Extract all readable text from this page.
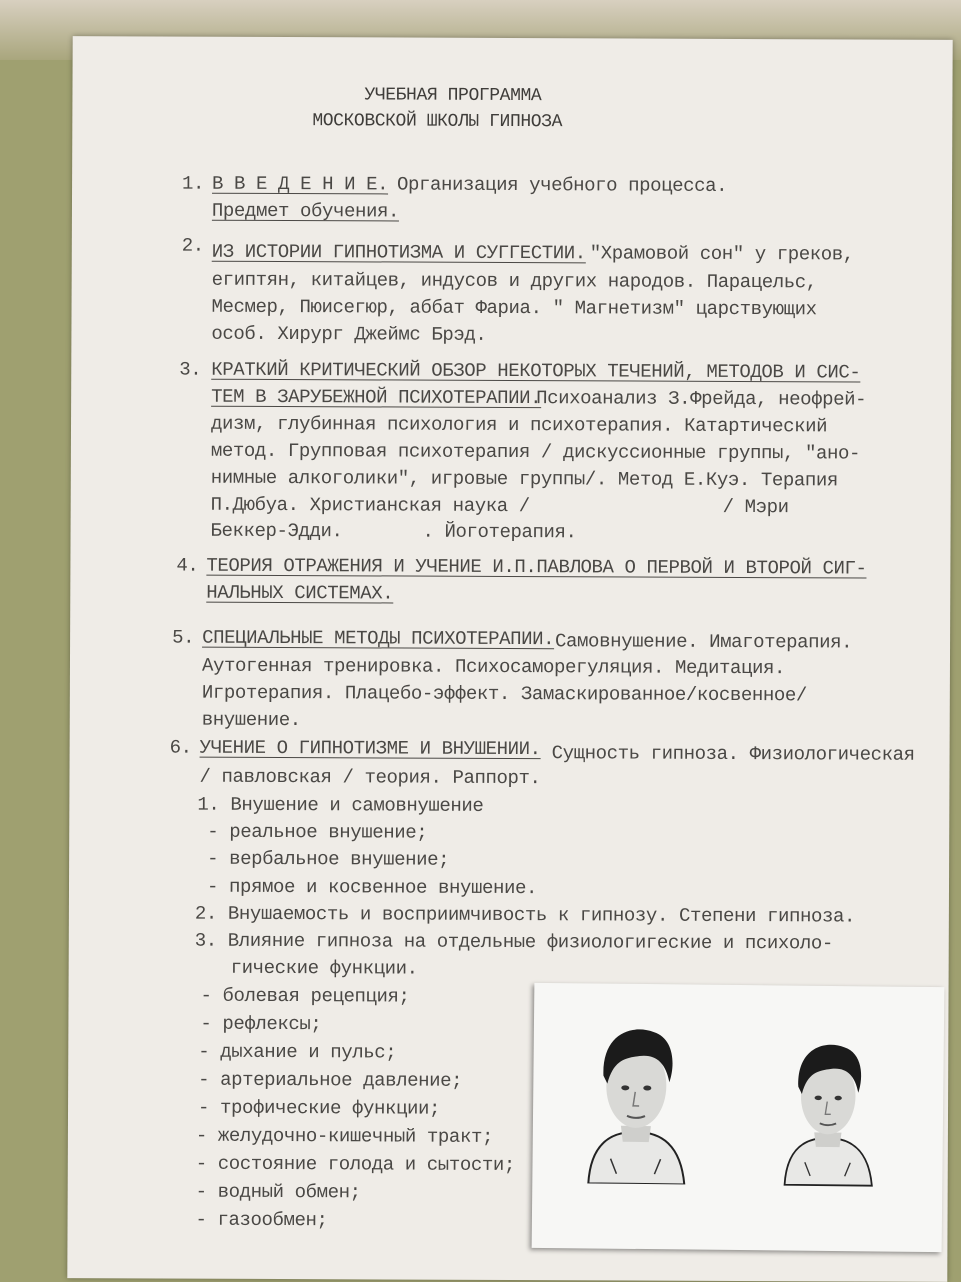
УЧЕБНАЯ ПРОГРАММА
МОСКОВСКОЙ ШКОЛЫ ГИПНОЗА
1. В В Е Д Е Н И Е. Организация учебного процесса.
Предмет обучения.
2. ИЗ ИСТОРИИ ГИПНОТИЗМА И СУГГЕСТИИ. "Храмовой сон" у греков,
египтян, китайцев, индусов и других народов. Парацельс,
Месмер, Пюисегюр, аббат Фариа. " Магнетизм" царствующих
особ. Хирург Джеймс Брэд.
3. КРАТКИЙ КРИТИЧЕСКИЙ ОБЗОР НЕКОТОРЫХ ТЕЧЕНИЙ, МЕТОДОВ И СИС-
ТЕМ В ЗАРУБЕЖНОЙ ПСИХОТЕРАПИИ.
Психоанализ З.Фрейда, неофрей-
дизм, глубинная психология и психотерапия. Катартический
метод. Групповая психотерапия / дискуссионные группы, "ано-
нимные алкоголики", игровые группы/. Метод Е.Куэ. Терапия
П.Дюбуа. Христианская наука /	/ Мэри
Беккер-Эдди.	. Йоготерапия.
4. ТЕОРИЯ ОТРАЖЕНИЯ И УЧЕНИЕ И.П.ПАВЛОВА О ПЕРВОЙ И ВТОРОЙ СИГ-
НАЛЬНЫХ СИСТЕМАХ.
5. СПЕЦИАЛЬНЫЕ МЕТОДЫ ПСИХОТЕРАПИИ. Самовнушение. Имаготерапия.
Аутогенная тренировка. Психосаморегуляция. Медитация.
Игротерапия. Плацебо-эффект. Замаскированное/косвенное/
внушение.
6. УЧЕНИЕ О ГИПНОТИЗМЕ И ВНУШЕНИИ. Сущность гипноза. Физиологическая
/ павловская / теория. Раппорт.
1. Внушение и самовнушение
- реальное внушение;
- вербальное внушение;
- прямое и косвенное внушение.
2. Внушаемость и восприимчивость к гипнозу. Степени гипноза.
3. Влияние гипноза на отдельные физиологигеские и психоло-
гические функции.
- болевая рецепция;
- рефлексы;
- дыхание и пульс;
- артериальное давление;
- трофические функции;
- желудочно-кишечный тракт;
- состояние голода и сытости;
- водный обмен;
- газообмен;
